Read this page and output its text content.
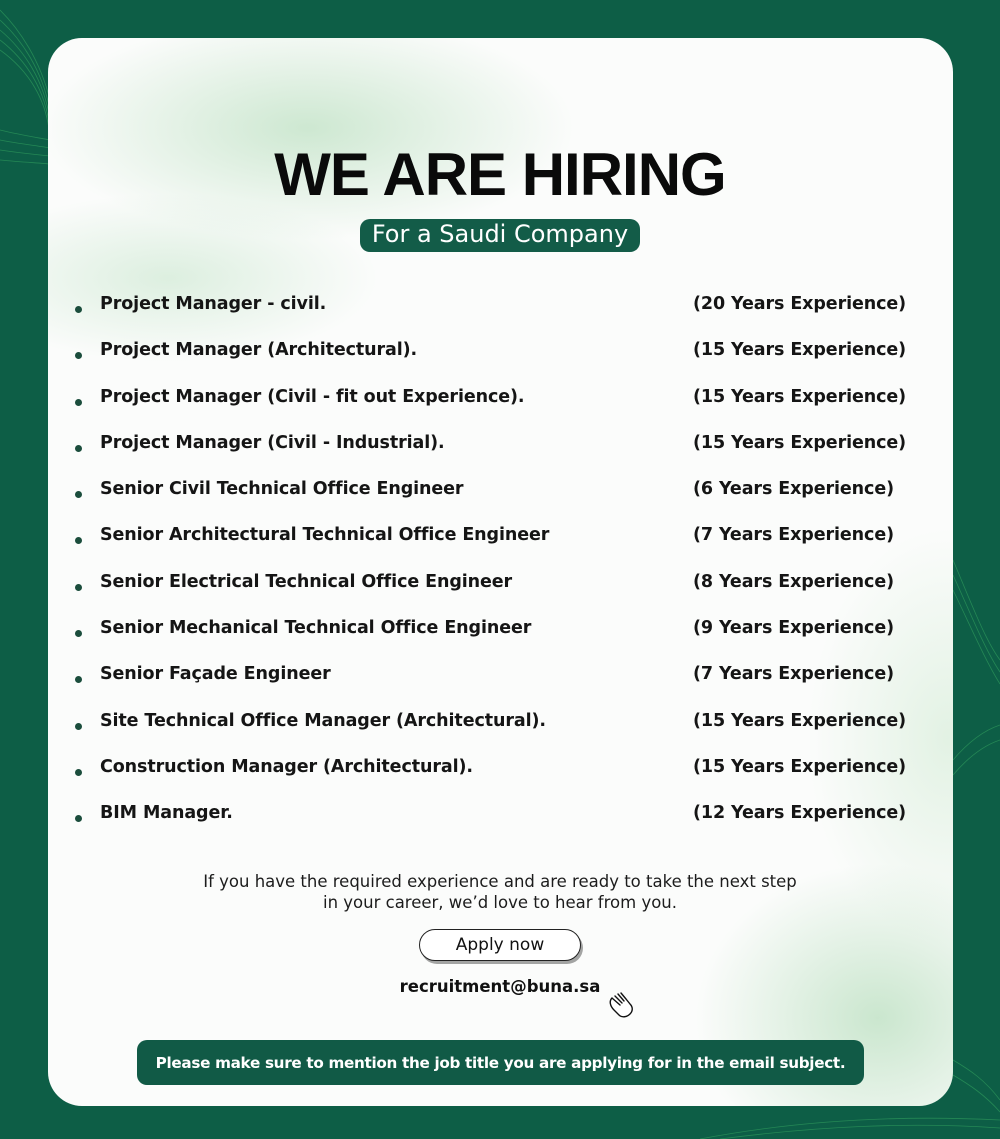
WE ARE HIRING
For a Saudi Company
Project Manager - civil.	(20 Years Experience)
Project Manager (Architectural).	(15 Years Experience)
Project Manager (Civil - fit out Experience).	(15 Years Experience)
Project Manager (Civil - Industrial).	(15 Years Experience)
Senior Civil Technical Office Engineer	(6 Years Experience)
Senior Architectural Technical Office Engineer	(7 Years Experience)
Senior Electrical Technical Office Engineer	(8 Years Experience)
Senior Mechanical Technical Office Engineer	(9 Years Experience)
Senior Façade Engineer	(7 Years Experience)
Site Technical Office Manager (Architectural).	(15 Years Experience)
Construction Manager (Architectural).	(15 Years Experience)
BIM Manager.	(12 Years Experience)

If you have the required experience and are ready to take the next step
in your career, we’d love to hear from you.

Apply now
recruitment@buna.sa
Please make sure to mention the job title you are applying for in the email subject.
